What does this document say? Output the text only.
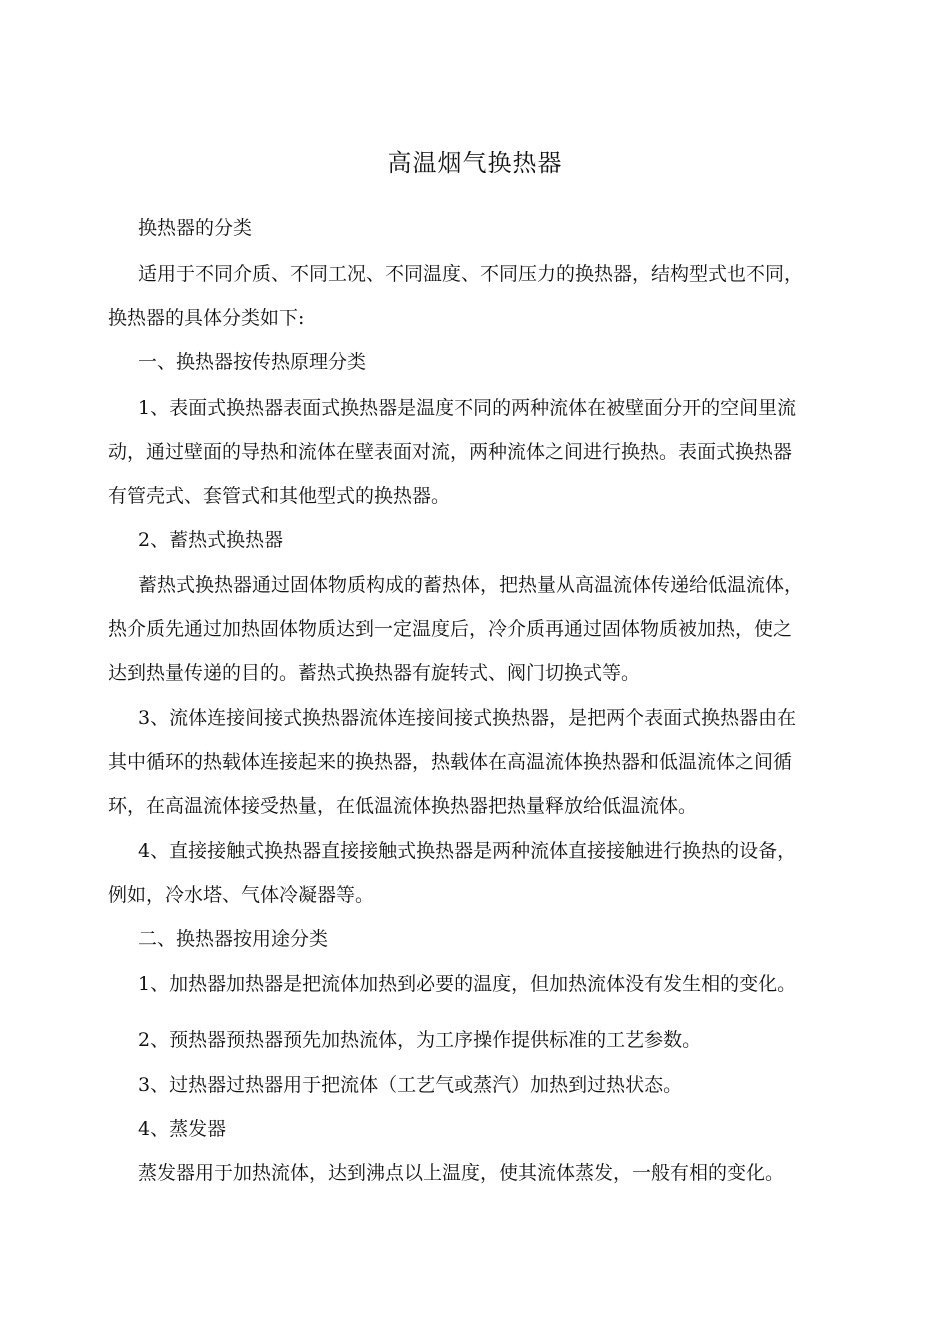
高温烟气换热器
换热器的分类
适用于不同介质、不同工况、不同温度、不同压力的换热器，结构型式也不同，
换热器的具体分类如下:
一、换热器按传热原理分类
1、表面式换热器表面式换热器是温度不同的两种流体在被壁面分开的空间里流
动，通过壁面的导热和流体在壁表面对流，两种流体之间进行换热。表面式换热器
有管壳式、套管式和其他型式的换热器。
2、蓄热式换热器
蓄热式换热器通过固体物质构成的蓄热体，把热量从高温流体传递给低温流体，
热介质先通过加热固体物质达到一定温度后，冷介质再通过固体物质被加热，使之
达到热量传递的目的。蓄热式换热器有旋转式、阀门切换式等。
3、流体连接间接式换热器流体连接间接式换热器，是把两个表面式换热器由在
其中循环的热载体连接起来的换热器，热载体在高温流体换热器和低温流体之间循
环，在高温流体接受热量，在低温流体换热器把热量释放给低温流体。
4、直接接触式换热器直接接触式换热器是两种流体直接接触进行换热的设备，
例如，冷水塔、气体冷凝器等。
二、换热器按用途分类
1、加热器加热器是把流体加热到必要的温度，但加热流体没有发生相的变化。
2、预热器预热器预先加热流体，为工序操作提供标准的工艺参数。
3、过热器过热器用于把流体（工艺气或蒸汽）加热到过热状态。
4、蒸发器
蒸发器用于加热流体，达到沸点以上温度，使其流体蒸发，一般有相的变化。
